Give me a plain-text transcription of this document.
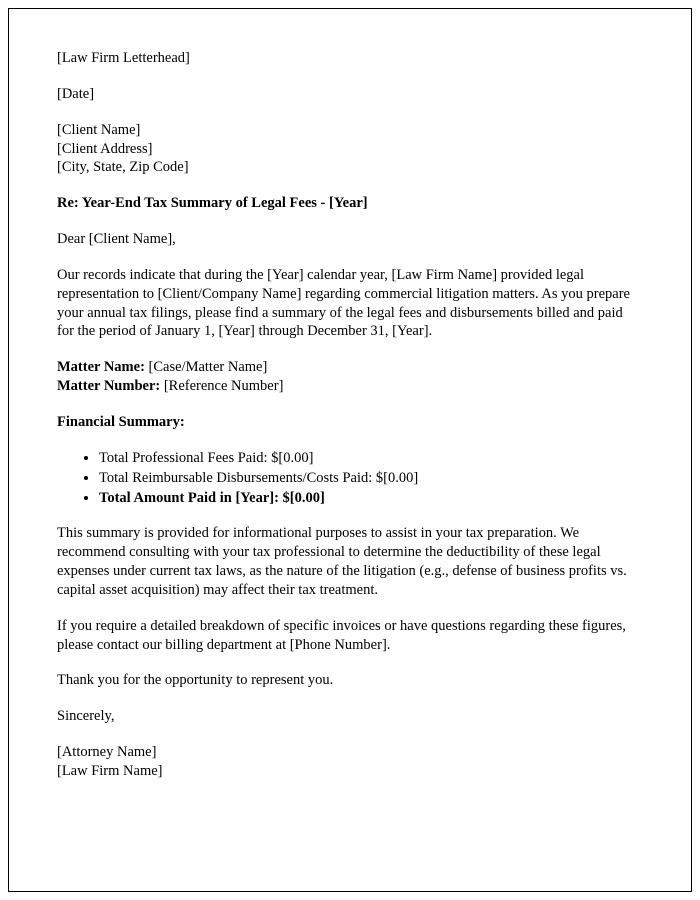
[Law Firm Letterhead]

[Date]

[Client Name]

[Client Address]

[City, State, Zip Code]

Re: Year-End Tax Summary of Legal Fees - [Year]

Dear [Client Name],

Our records indicate that during the [Year] calendar year, [Law Firm Name] provided legal representation to [Client/Company Name] regarding commercial litigation matters. As you prepare your annual tax filings, please find a summary of the legal fees and disbursements billed and paid for the period of January 1, [Year] through December 31, [Year].

Matter Name: [Case/Matter Name]

Matter Number: [Reference Number]

Financial Summary:

• Total Professional Fees Paid: $[0.00]
• Total Reimbursable Disbursements/Costs Paid: $[0.00]
• Total Amount Paid in [Year]: $[0.00]

This summary is provided for informational purposes to assist in your tax preparation. We recommend consulting with your tax professional to determine the deductibility of these legal expenses under current tax laws, as the nature of the litigation (e.g., defense of business profits vs. capital asset acquisition) may affect their tax treatment.

If you require a detailed breakdown of specific invoices or have questions regarding these figures, please contact our billing department at [Phone Number].

Thank you for the opportunity to represent you.

Sincerely,

[Attorney Name]

[Law Firm Name]
